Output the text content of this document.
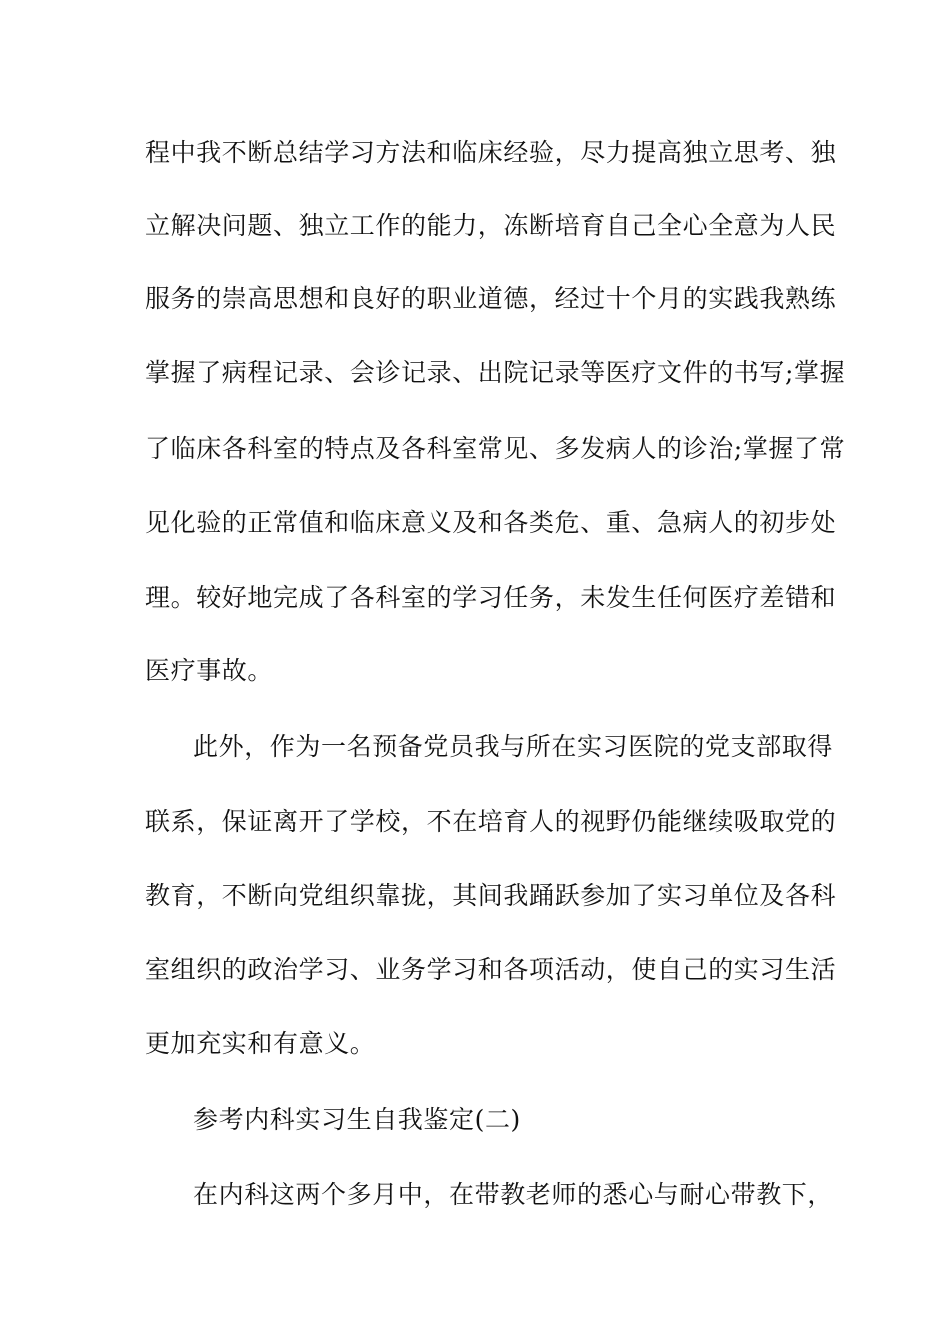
程中我不断总结学习方法和临床经验，尽力提高独立思考、独
立解决问题、独立工作的能力，冻断培育自己全心全意为人民
服务的崇高思想和良好的职业道德，经过十个月的实践我熟练
掌握了病程记录、会诊记录、出院记录等医疗文件的书写;掌握
了临床各科室的特点及各科室常见、多发病人的诊治;掌握了常
见化验的正常值和临床意义及和各类危、重、急病人的初步处
理。较好地完成了各科室的学习任务，未发生任何医疗差错和
医疗事故。
此外，作为一名预备党员我与所在实习医院的党支部取得
联系，保证离开了学校，不在培育人的视野仍能继续吸取党的
教育，不断向党组织靠拢，其间我踊跃参加了实习单位及各科
室组织的政治学习、业务学习和各项活动，使自己的实习生活
更加充实和有意义。
参考内科实习生自我鉴定(二)
在内科这两个多月中，在带教老师的悉心与耐心带教下，
